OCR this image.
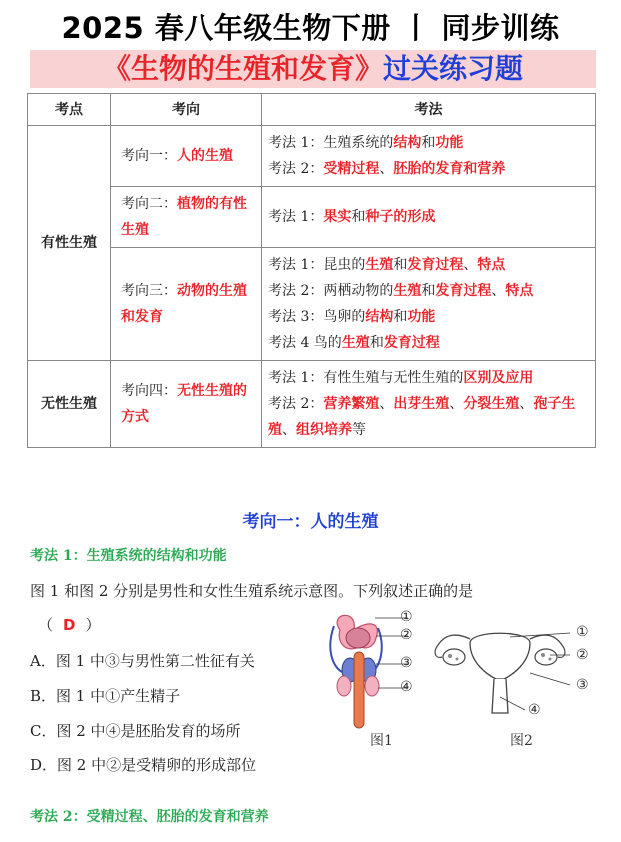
2025 春八年级生物下册 丨 同步训练
《生物的生殖和发育》过关练习题
考点	考向	考法
有性生殖	考向一：人的生殖	考法 1：生殖系统的结构和功能
考法 2：受精过程、胚胎的发育和营养

	考向二：植物的有性生殖	考法 1：果实和种子的形成

	考向三：动物的生殖和发育	考法 1：昆虫的生殖和发育过程、特点
考法 2：两栖动物的生殖和发育过程、特点
考法 3：鸟卵的结构和功能
考法 4 鸟的生殖和发育过程

无性生殖	考向四：无性生殖的方式	考法 1：有性生殖与无性生殖的区别及应用
考法 2：营养繁殖、出芽生殖、分裂生殖、孢子生殖、组织培养等
考向一：人的生殖
考法 1：生殖系统的结构和功能
图 1 和图 2 分别是男性和女性生殖系统示意图。下列叙述正确的是
（ D ）
A．图 1 中③与男性第二性征有关
B．图 1 中①产生精子
C．图 2 中④是胚胎发育的场所
D．图 2 中②是受精卵的形成部位
①
②
③
④
图1
①
②
③
④
图2
考法 2：受精过程、胚胎的发育和营养
